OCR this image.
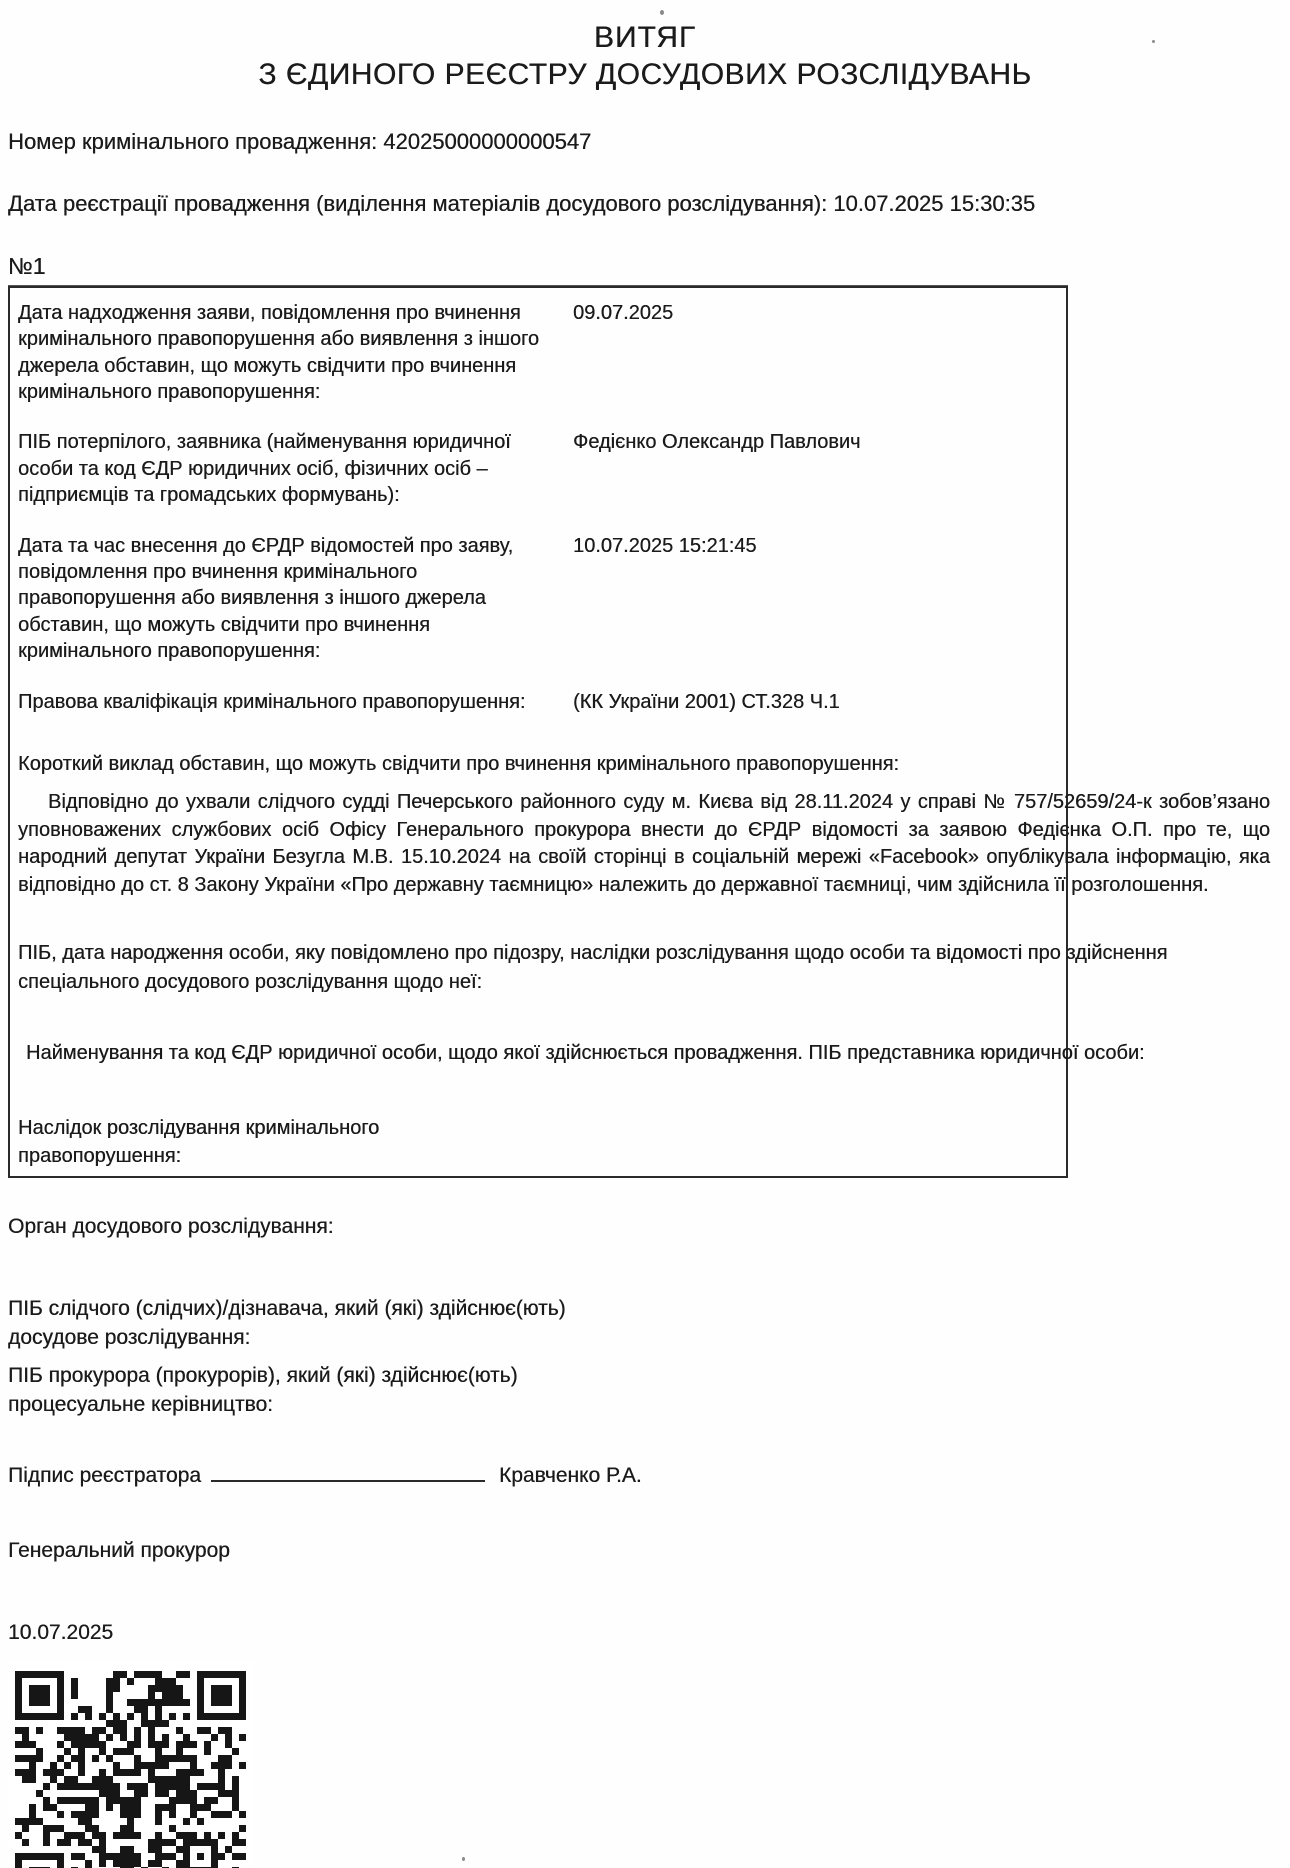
ВИТЯГ
З ЄДИНОГО РЕЄСТРУ ДОСУДОВИХ РОЗСЛІДУВАНЬ
Номер кримінального провадження: 42025000000000547
Дата реєстрації провадження (виділення матеріалів досудового розслідування): 10.07.2025 15:30:35
№1
Дата надходження заяви, повідомлення про вчинення кримінального правопорушення або виявлення з іншого джерела обставин, що можуть свідчити про вчинення кримінального правопорушення:
09.07.2025
ПІБ потерпілого, заявника (найменування юридичної особи та код ЄДР юридичних осіб, фізичних осіб – підприємців та громадських формувань):
Федієнко Олександр Павлович
Дата та час внесення до ЄРДР відомостей про заяву, повідомлення про вчинення кримінального правопорушення або виявлення з іншого джерела обставин, що можуть свідчити про вчинення кримінального правопорушення:
10.07.2025 15:21:45
Правова кваліфікація кримінального правопорушення:	(КК України 2001) СТ.328 Ч.1
Короткий виклад обставин, що можуть свідчити про вчинення кримінального правопорушення:
Відповідно до ухвали слідчого судді Печерського районного суду м. Києва від 28.11.2024 у справі № 757/52659/24-к зобов’язано уповноважених службових осіб Офісу Генерального прокурора внести до ЄРДР відомості за заявою Федієнка О.П. про те, що народний депутат України Безугла М.В. 15.10.2024 на своїй сторінці в соціальній мережі «Facebook» опублікувала інформацію, яка відповідно до ст. 8 Закону України «Про державну таємницю» належить до державної таємниці, чим здійснила її розголошення.
ПІБ, дата народження особи, яку повідомлено про підозру, наслідки розслідування щодо особи та відомості про здійснення спеціального досудового розслідування щодо неї:
Найменування та код ЄДР юридичної особи, щодо якої здійснюється провадження. ПІБ представника юридичної особи:
Наслідок розслідування кримінального правопорушення:
Орган досудового розслідування:
ПІБ слідчого (слідчих)/дізнавача, який (які) здійснює(ють) досудове розслідування:
ПІБ прокурора (прокурорів), який (які) здійснює(ють) процесуальне керівництво:
Підпис реєстратора	Кравченко Р.А.
Генеральний прокурор
10.07.2025
